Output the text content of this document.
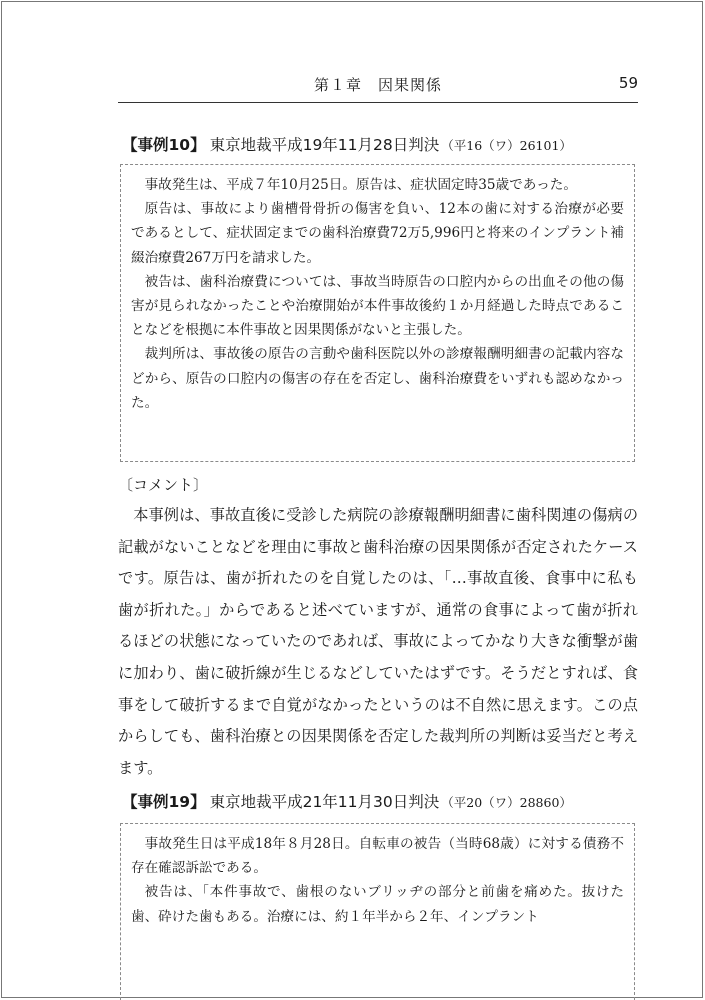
第１章　因果関係	59
【事例10】 東京地裁平成19年11月28日判決 （平16（ワ）26101）

事故発生は、平成７年10月25日。原告は、症状固定時35歳であった。

原告は、事故により歯槽骨骨折の傷害を負い、12本の歯に対する治療が必要であるとして、症状固定までの歯科治療費72万5,996円と将来のインプラント補綴治療費267万円を請求した。

被告は、歯科治療費については、事故当時原告の口腔内からの出血その他の傷害が見られなかったことや治療開始が本件事故後約１か月経過した時点であることなどを根拠に本件事故と因果関係がないと主張した。

裁判所は、事故後の原告の言動や歯科医院以外の診療報酬明細書の記載内容などから、原告の口腔内の傷害の存在を否定し、歯科治療費をいずれも認めなかった。

〔コメント〕

本事例は、事故直後に受診した病院の診療報酬明細書に歯科関連の傷病の記載がないことなどを理由に事故と歯科治療の因果関係が否定されたケースです。原告は、歯が折れたのを自覚したのは、「…事故直後、食事中に私も歯が折れた。」からであると述べていますが、通常の食事によって歯が折れるほどの状態になっていたのであれば、事故によってかなり大きな衝撃が歯に加わり、歯に破折線が生じるなどしていたはずです。そうだとすれば、食事をして破折するまで自覚がなかったというのは不自然に思えます。この点からしても、歯科治療との因果関係を否定した裁判所の判断は妥当だと考えます。

【事例19】 東京地裁平成21年11月30日判決 （平20（ワ）28860）

事故発生日は平成18年８月28日。自転車の被告（当時68歳）に対する債務不存在確認訴訟である。

被告は、「本件事故で、歯根のないブリッヂの部分と前歯を痛めた。抜けた歯、砕けた歯もある。治療には、約１年半から２年、インプラント
